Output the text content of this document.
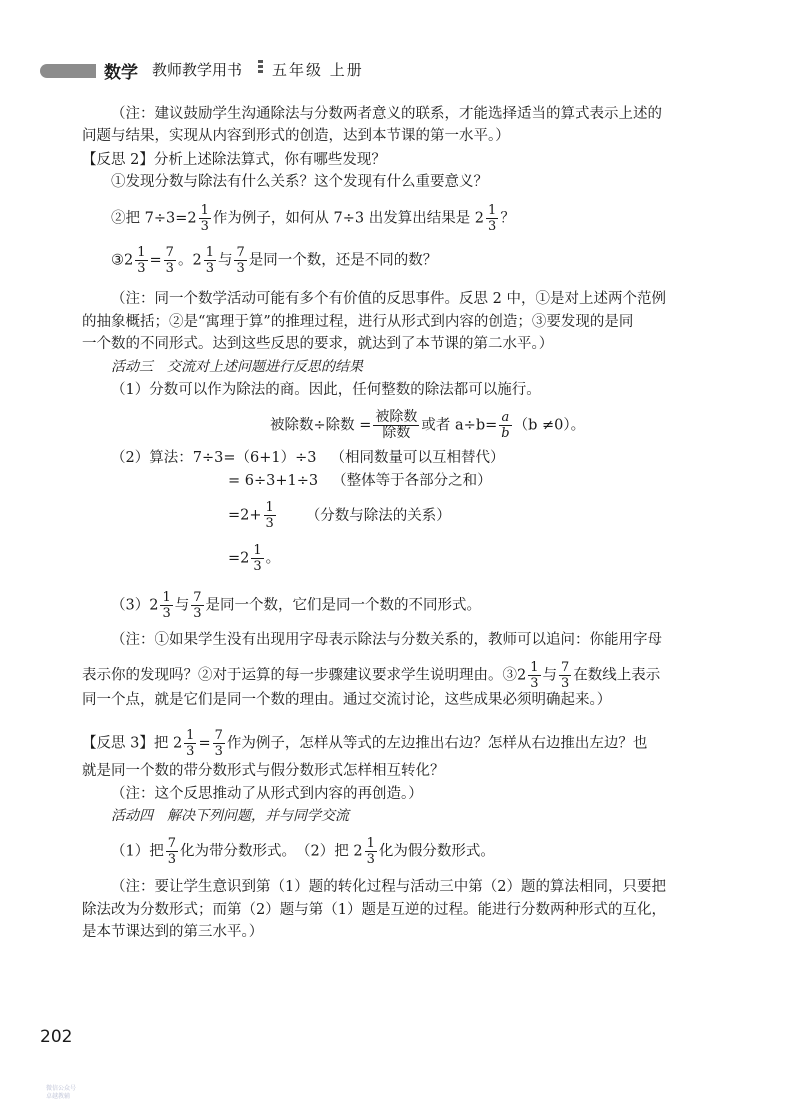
数学 教师教学用书 五年级 上册
（注：建议鼓励学生沟通除法与分数两者意义的联系，才能选择适当的算式表示上述的
问题与结果，实现从内容到形式的创造，达到本节课的第一水平。）
【反思 2】分析上述除法算式，你有哪些发现？
①发现分数与除法有什么关系？这个发现有什么重要意义？
②把 $7\div 3=2 \frac{1}{3}$ 作为例子，如何从 7÷3 出发算出结果是 $2 \frac{1}{3}$ ？
③2 $\frac{1}{3} = \frac{7}{3}$ 。$2 \frac{1}{3}$ 与 $\frac{7}{3}$ 是同一个数，还是不同的数？
（注：同一个数学活动可能有多个有价值的反思事件。反思 2 中，①是对上述两个范例
的抽象概括；②是“寓理于算”的推理过程，进行从形式到内容的创造；③要发现的是同
一个数的不同形式。达到这些反思的要求，就达到了本节课的第二水平。）
活动三　交流对上述问题进行反思的结果
（1）分数可以作为除法的商。因此，任何整数的除法都可以施行。
被除数÷除数 = $\frac{\text{被除数}}{\text{除数}}$ 或者 $a\div b= \frac{a}{b} (b \ne 0)$。
（2）算法：7÷3=（6+1）÷3 （相同数量可以互相替代）
= 6÷3+1÷3 （整体等于各部分之和）
$=2+ \frac{1}{3}$ （分数与除法的关系）
$=2 \frac{1}{3}$ 。
$(3)2 \frac{1}{3}$ 与 $\frac{7}{3}$ 是同一个数，它们是同一个数的不同形式。
（注：①如果学生没有出现用字母表示除法与分数关系的，教师可以追问：你能用字母
表示你的发现吗？②对于运算的每一步骤建议要求学生说明理由。③2 $\frac{1}{3}$ 与 $\frac{7}{3}$ 在数线上表示
同一个点，就是它们是同一个数的理由。通过交流讨论，这些成果必须明确起来。）
【反思 3】把 $2 \frac{1}{3} = \frac{7}{3}$ 作为例子，怎样从等式的左边推出右边？怎样从右边推出左边？也
就是同一个数的带分数形式与假分数形式怎样相互转化？
（注：这个反思推动了从形式到内容的再创造。）
活动四　解决下列问题，并与同学交流
（1）把 $\frac{7}{3}$ 化为带分数形式。　（2）把 $2 \frac{1}{3}$ 化为假分数形式。
（注：要让学生意识到第（1）题的转化过程与活动三中第（2）题的算法相同，只要把
除法改为分数形式；而第（2）题与第（1）题是互逆的过程。能进行分数两种形式的互化，
是本节课达到的第三水平。）
202
微信公众号
卓越教辅
